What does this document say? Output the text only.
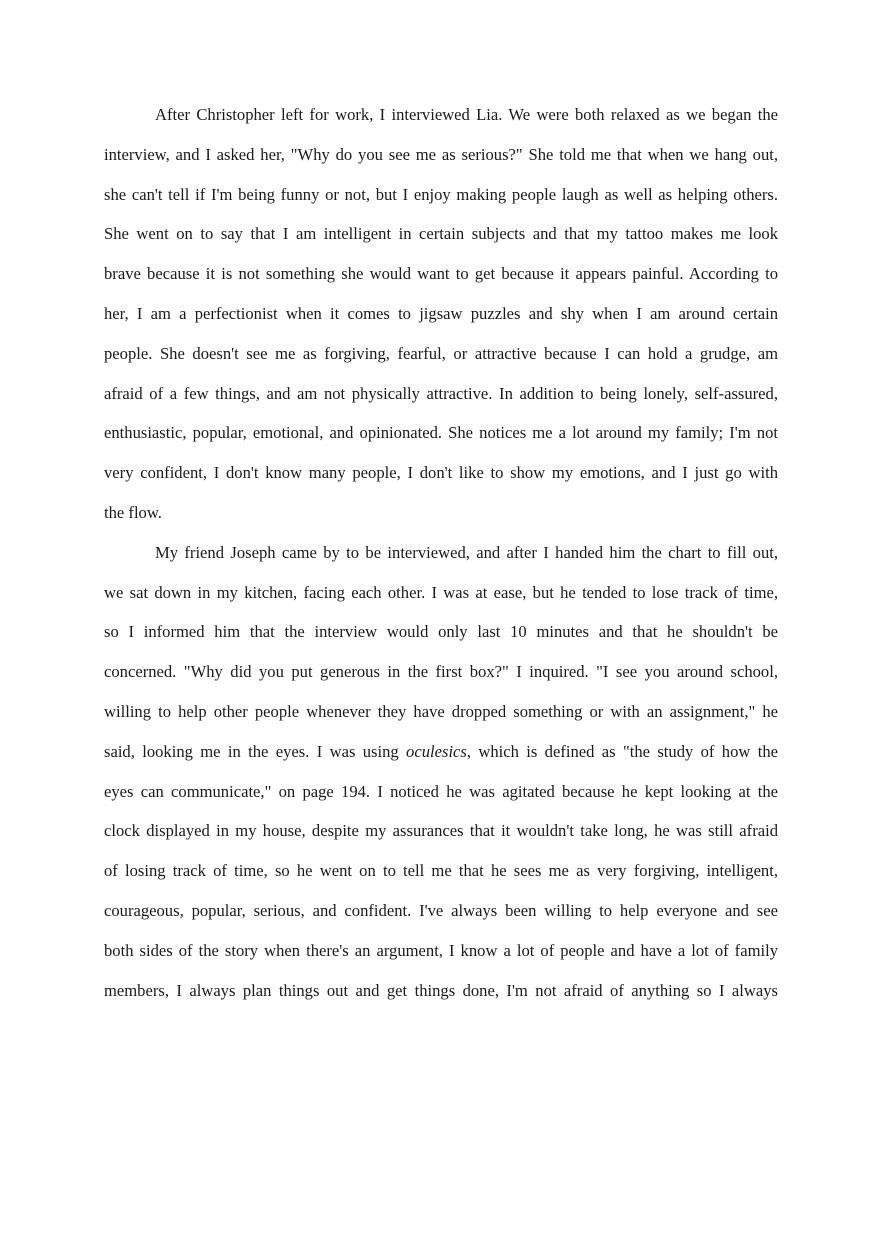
After Christopher left for work, I interviewed Lia. We were both relaxed as we began the
interview, and I asked her, "Why do you see me as serious?" She told me that when we hang out,
she can't tell if I'm being funny or not, but I enjoy making people laugh as well as helping others.
She went on to say that I am intelligent in certain subjects and that my tattoo makes me look
brave because it is not something she would want to get because it appears painful. According to
her, I am a perfectionist when it comes to jigsaw puzzles and shy when I am around certain
people. She doesn't see me as forgiving, fearful, or attractive because I can hold a grudge, am
afraid of a few things, and am not physically attractive. In addition to being lonely, self-assured,
enthusiastic, popular, emotional, and opinionated. She notices me a lot around my family; I'm not
very confident, I don't know many people, I don't like to show my emotions, and I just go with
the flow.
My friend Joseph came by to be interviewed, and after I handed him the chart to fill out,
we sat down in my kitchen, facing each other. I was at ease, but he tended to lose track of time,
so I informed him that the interview would only last 10 minutes and that he shouldn't be
concerned. "Why did you put generous in the first box?" I inquired. "I see you around school,
willing to help other people whenever they have dropped something or with an assignment," he
said, looking me in the eyes. I was using oculesics, which is defined as "the study of how the
eyes can communicate," on page 194. I noticed he was agitated because he kept looking at the
clock displayed in my house, despite my assurances that it wouldn't take long, he was still afraid
of losing track of time, so he went on to tell me that he sees me as very forgiving, intelligent,
courageous, popular, serious, and confident. I've always been willing to help everyone and see
both sides of the story when there's an argument, I know a lot of people and have a lot of family
members, I always plan things out and get things done, I'm not afraid of anything so I always
